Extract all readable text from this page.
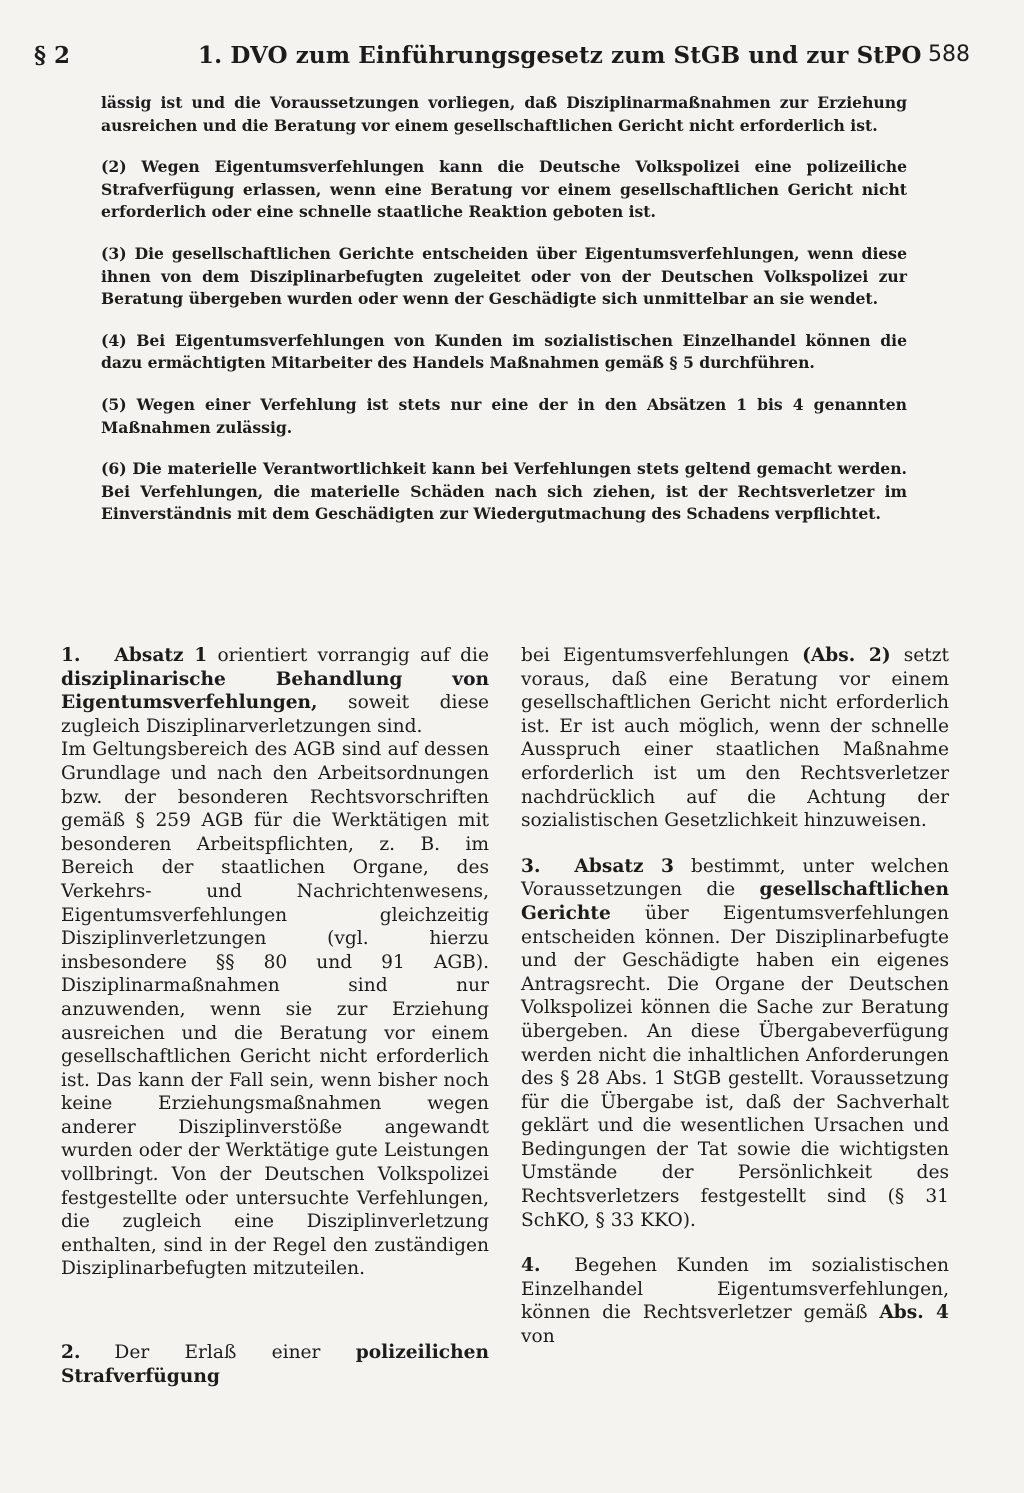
§ 2	1. DVO zum Einführungsgesetz zum StGB und zur StPO 588

lässig ist und die Voraussetzungen vorliegen, daß Disziplinarmaßnahmen zur Erziehung ausreichen und die Beratung vor einem gesellschaftlichen Gericht nicht erforderlich ist.

(2) Wegen Eigentumsverfehlungen kann die Deutsche Volkspolizei eine polizeiliche Strafverfügung erlassen, wenn eine Beratung vor einem gesellschaftlichen Gericht nicht erforderlich oder eine schnelle staatliche Reaktion geboten ist.

(3) Die gesellschaftlichen Gerichte entscheiden über Eigentumsverfehlungen, wenn diese ihnen von dem Disziplinarbefugten zugeleitet oder von der Deutschen Volkspolizei zur Beratung übergeben wurden oder wenn der Geschädigte sich unmittelbar an sie wendet.

(4) Bei Eigentumsverfehlungen von Kunden im sozialistischen Einzelhandel können die dazu ermächtigten Mitarbeiter des Handels Maßnahmen gemäß § 5 durchführen.

(5) Wegen einer Verfehlung ist stets nur eine der in den Absätzen 1 bis 4 genannten Maßnahmen zulässig.

(6) Die materielle Verantwortlichkeit kann bei Verfehlungen stets geltend gemacht werden. Bei Verfehlungen, die materielle Schäden nach sich ziehen, ist der Rechtsverletzer im Einverständnis mit dem Geschädigten zur Wiedergutmachung des Schadens verpflichtet.

1. Absatz 1 orientiert vorrangig auf die disziplinarische Behandlung von Eigentumsverfehlungen, soweit diese zugleich Disziplinarverletzungen sind.

Im Geltungsbereich des AGB sind auf dessen Grundlage und nach den Arbeitsordnungen bzw. der besonderen Rechtsvorschriften gemäß § 259 AGB für die Werktätigen mit besonderen Arbeitspflichten, z. B. im Bereich der staatlichen Organe, des Verkehrs- und Nachrichtenwesens, Eigentumsverfehlungen gleichzeitig Disziplinverletzungen (vgl. hierzu insbesondere §§ 80 und 91 AGB). Disziplinarmaßnahmen sind nur anzuwenden, wenn sie zur Erziehung ausreichen und die Beratung vor einem gesellschaftlichen Gericht nicht erforderlich ist. Das kann der Fall sein, wenn bisher noch keine Erziehungsmaßnahmen wegen anderer Disziplinverstöße angewandt wurden oder der Werktätige gute Leistungen vollbringt. Von der Deutschen Volkspolizei festgestellte oder untersuchte Verfehlungen, die zugleich eine Disziplinverletzung enthalten, sind in der Regel den zuständigen Disziplinarbefugten mitzuteilen.

2. Der Erlaß einer polizeilichen Strafverfügung

bei Eigentumsverfehlungen (Abs. 2) setzt voraus, daß eine Beratung vor einem gesellschaftlichen Gericht nicht erforderlich ist. Er ist auch möglich, wenn der schnelle Ausspruch einer staatlichen Maßnahme erforderlich ist um den Rechtsverletzer nachdrücklich auf die Achtung der sozialistischen Gesetzlichkeit hinzuweisen.

3. Absatz 3 bestimmt, unter welchen Voraussetzungen die gesellschaftlichen Gerichte über Eigentumsverfehlungen entscheiden können. Der Disziplinarbefugte und der Geschädigte haben ein eigenes Antragsrecht. Die Organe der Deutschen Volkspolizei können die Sache zur Beratung übergeben. An diese Übergabeverfügung werden nicht die inhaltlichen Anforderungen des § 28 Abs. 1 StGB gestellt. Voraussetzung für die Übergabe ist, daß der Sachverhalt geklärt und die wesentlichen Ursachen und Bedingungen der Tat sowie die wichtigsten Umstände der Persönlichkeit des Rechtsverletzers festgestellt sind (§ 31 SchKO, § 33 KKO).

4. Begehen Kunden im sozialistischen Einzelhandel Eigentumsverfehlungen, können die Rechtsverletzer gemäß Abs. 4 von
